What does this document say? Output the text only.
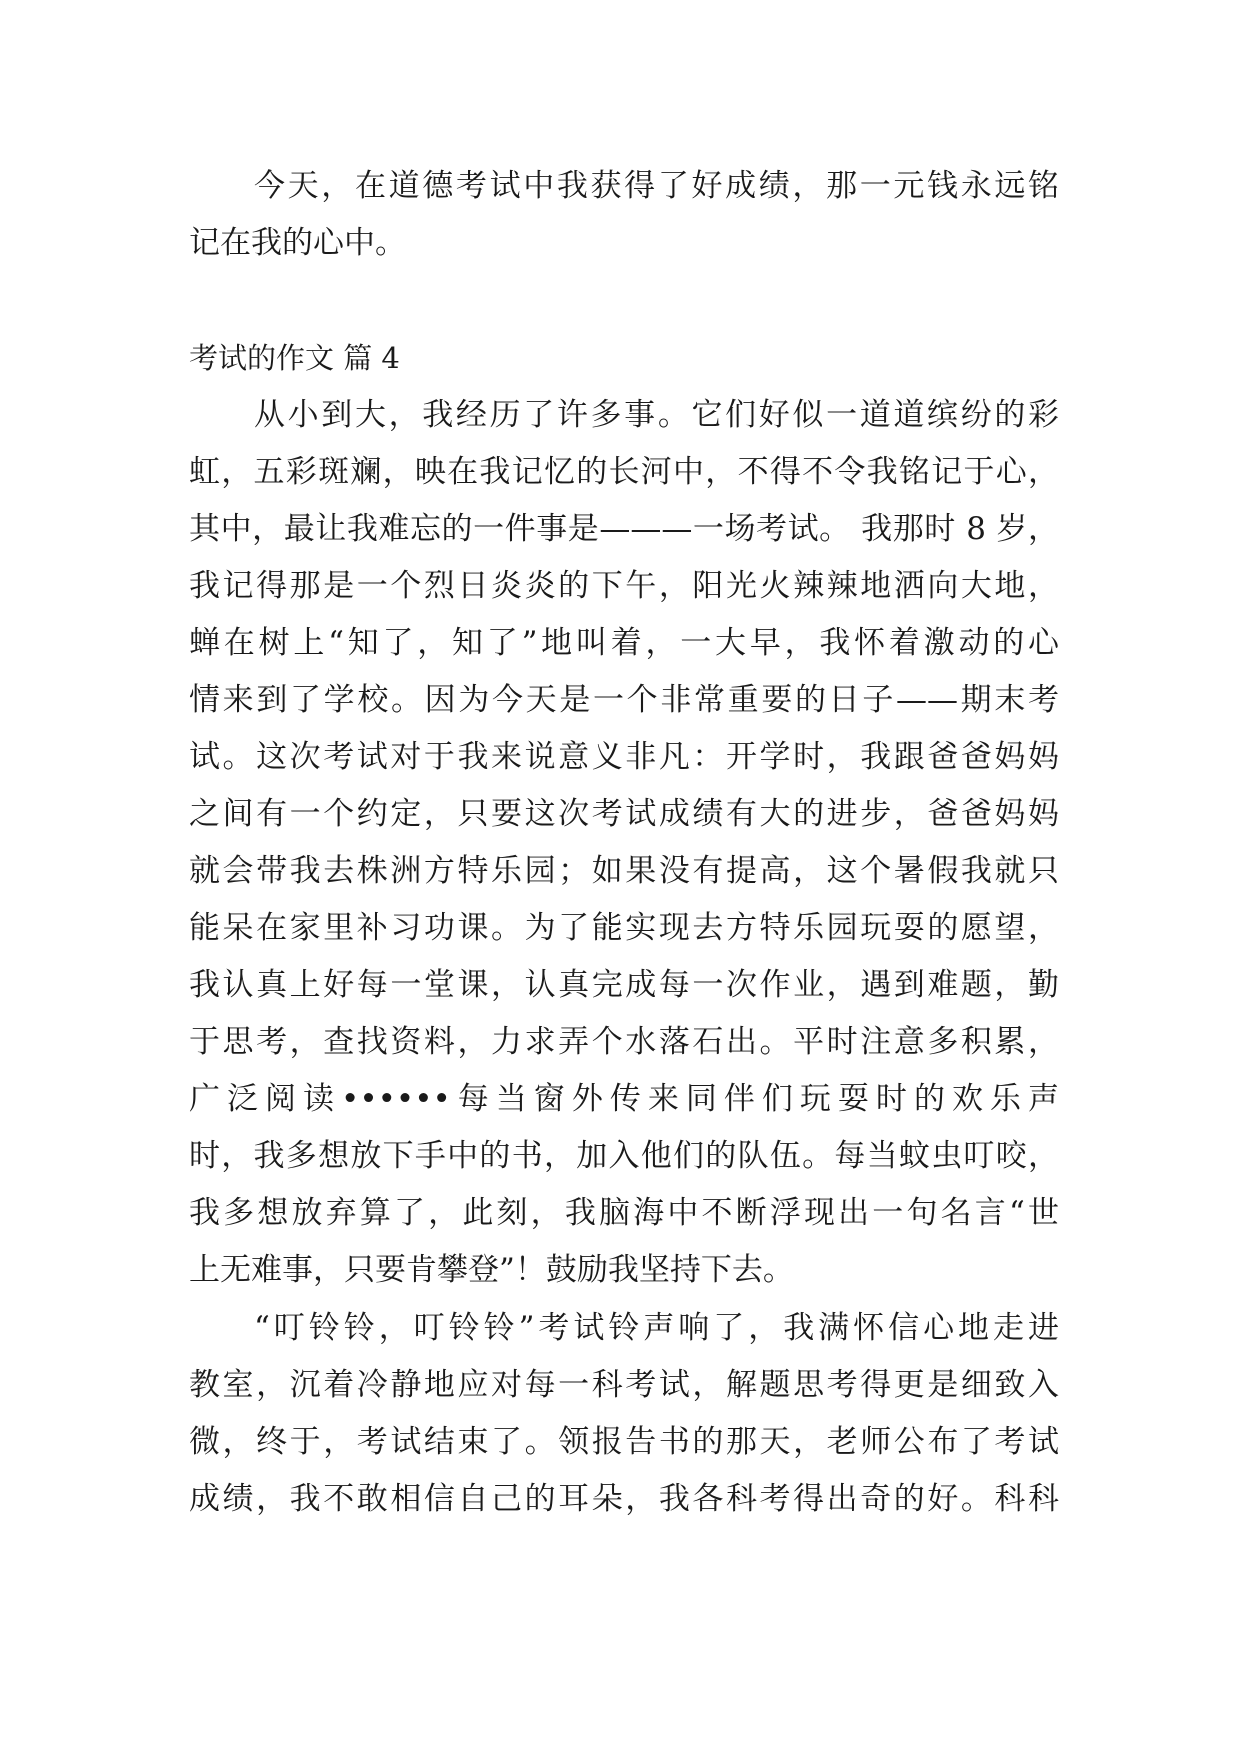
今天，在道德考试中我获得了好成绩，那一元钱永远铭
记在我的心中。
考试的作文 篇 4
从小到大，我经历了许多事。它们好似一道道缤纷的彩
虹，五彩斑斓，映在我记忆的长河中，不得不令我铭记于心，
其中，最让我难忘的一件事是———一场考试。 我那时 8 岁，
我记得那是一个烈日炎炎的下午，阳光火辣辣地洒向大地，
蝉在树上“知了，知了”地叫着，一大早，我怀着激动的心
情来到了学校。因为今天是一个非常重要的日子——期末考
试。这次考试对于我来说意义非凡：开学时，我跟爸爸妈妈
之间有一个约定，只要这次考试成绩有大的进步，爸爸妈妈
就会带我去株洲方特乐园；如果没有提高，这个暑假我就只
能呆在家里补习功课。为了能实现去方特乐园玩耍的愿望，
我认真上好每一堂课，认真完成每一次作业，遇到难题，勤
于思考，查找资料，力求弄个水落石出。平时注意多积累，
广泛阅读••••••每当窗外传来同伴们玩耍时的欢乐声
时，我多想放下手中的书，加入他们的队伍。每当蚊虫叮咬，
我多想放弃算了，此刻，我脑海中不断浮现出一句名言“世
上无难事，只要肯攀登”！鼓励我坚持下去。
“叮铃铃，叮铃铃”考试铃声响了，我满怀信心地走进
教室，沉着冷静地应对每一科考试，解题思考得更是细致入
微，终于，考试结束了。领报告书的那天，老师公布了考试
成绩，我不敢相信自己的耳朵，我各科考得出奇的好。科科
